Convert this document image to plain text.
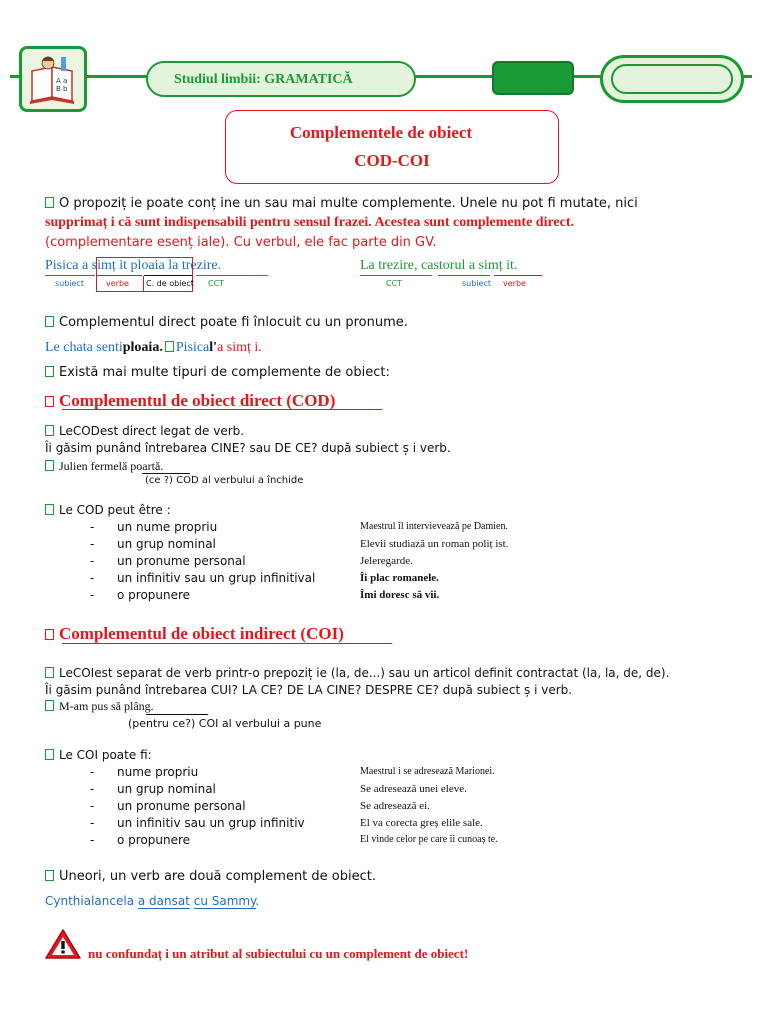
A a B b
Studiul limbii: GRAMATICĂ
Complementele de obiect
COD-COI
O propoziț ie poate conț ine un sau mai multe complemente. Unele nu pot fi mutate, nici
supprimaț i că sunt indispensabili pentru sensul frazei. Acestea sunt complemente direct.
(complementare esenț iale). Cu verbul, ele fac parte din GV.
Pisica a simț it ploaia la trezire.
subiect	verbe C. de obiect CCT
La trezire, castorul a simț it.
CCT	subiect verbe
Complementul direct poate fi înlocuit cu un pronume.
Le chata sentiploaia. Pisical'a simț i.
Există mai multe tipuri de complemente de obiect:
Complementul de obiect direct (COD)
LeCODest direct legat de verb.
Îi găsim punând întrebarea CINE? sau DE CE? după subiect ș i verb.
Julien fermelă poartă.
(ce ?) COD al verbului a închide
Le COD peut être :
- un nume propriu	Maestrul îl intervievează pe Damien.
- un grup nominal	Elevii studiază un roman poliț ist.
- un pronume personal	Jeleregarde.
- un infinitiv sau un grup infinitival	Îi plac romanele.
- o propunere	Îmi doresc să vii.
Complementul de obiect indirect (COI)
LeCOIest separat de verb printr-o prepoziț ie (la, de...) sau un articol definit contractat (la, la, de, de).
Îi găsim punând întrebarea CUI? LA CE? DE LA CINE? DESPRE CE? după subiect ș i verb.
M-am pus să plâng.
(pentru ce?) COI al verbului a pune
Le COI poate fi:
- nume propriu	Maestrul i se adresează Marionei.
- un grup nominal	Se adresează unei eleve.
- un pronume personal	Se adresează ei.
- un infinitiv sau un grup infinitiv	El va corecta greș elile sale.
- o propunere	El vinde celor pe care îi cunoaș te.
Uneori, un verb are două complement de obiect.
Cynthialancela a dansat cu Sammy.
nu confundaț i un atribut al subiectului cu un complement de obiect!
